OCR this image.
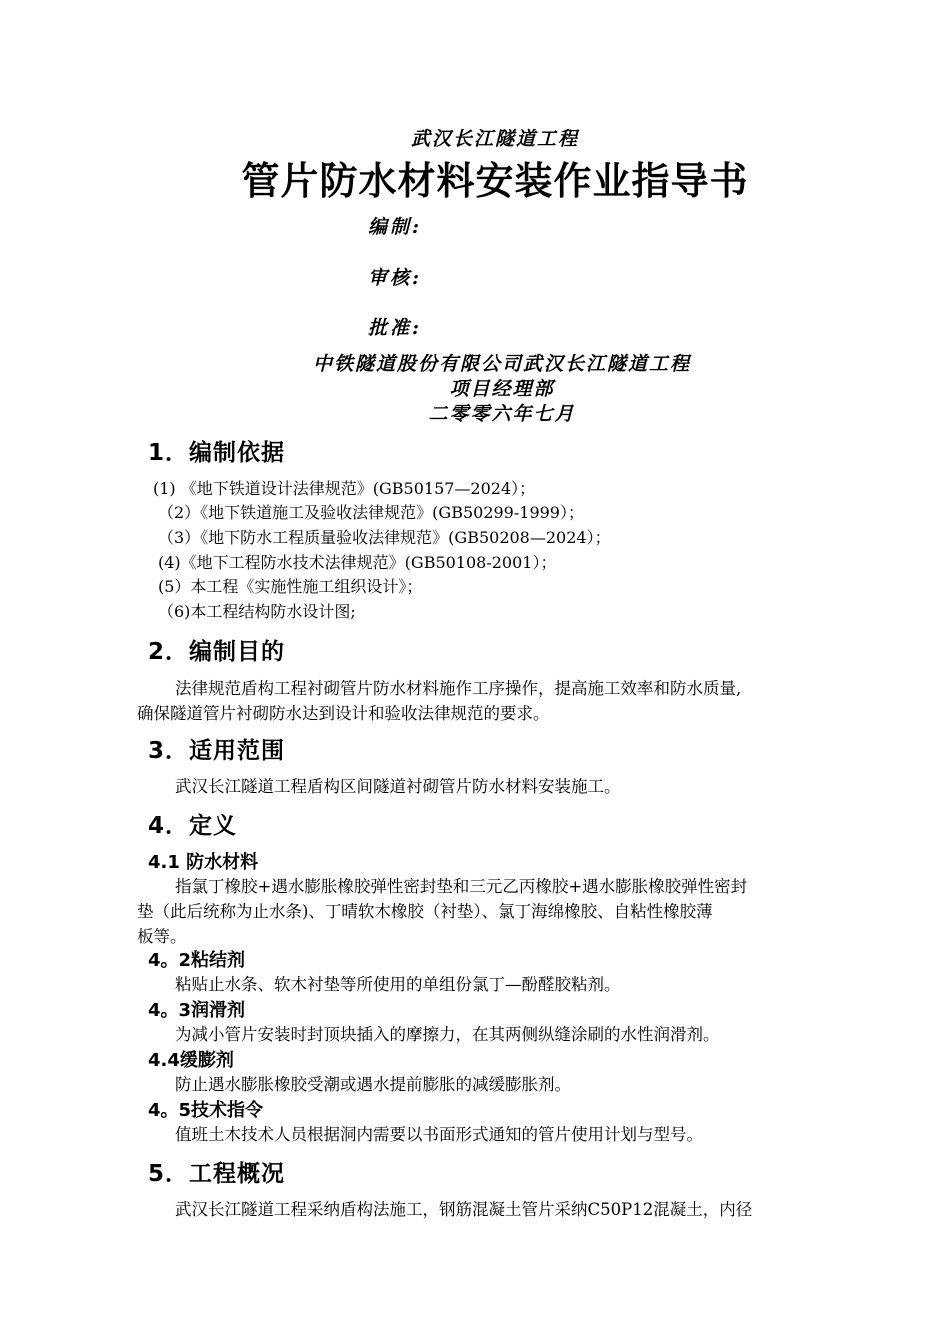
武汉长江隧道工程
管片防水材料安装作业指导书
编制:
审核:
批准:
中铁隧道股份有限公司武汉长江隧道工程
项目经理部
二零零六年七月
1．编制依据
(1) 《地下铁道设计法律规范》(GB50157—2024）；
（2）《地下铁道施工及验收法律规范》(GB50299-1999）；
（3）《地下防水工程质量验收法律规范》(GB50208—2024）；
(4)《地下工程防水技术法律规范》(GB50108-2001）；
(5）本工程《实施性施工组织设计》；
（6)本工程结构防水设计图;
2．编制目的
法律规范盾构工程衬砌管片防水材料施作工序操作，提高施工效率和防水质量,
确保隧道管片衬砌防水达到设计和验收法律规范的要求。
3．适用范围
武汉长江隧道工程盾构区间隧道衬砌管片防水材料安装施工。
4．定义
4.1 防水材料
指氯丁橡胶+遇水膨胀橡胶弹性密封垫和三元乙丙橡胶+遇水膨胀橡胶弹性密封
垫（此后统称为止水条)、丁晴软木橡胶（衬垫）、氯丁海绵橡胶、自粘性橡胶薄
板等。
4。2粘结剂
粘贴止水条、软木衬垫等所使用的单组份氯丁—酚醛胶粘剂。
4。3润滑剂
为减小管片安装时封顶块插入的摩擦力，在其两侧纵缝涂刷的水性润滑剂。
4.4缓膨剂
防止遇水膨胀橡胶受潮或遇水提前膨胀的减缓膨胀剂。
4。5技术指令
值班土木技术人员根据洞内需要以书面形式通知的管片使用计划与型号。
5．工程概况
武汉长江隧道工程采纳盾构法施工，钢筋混凝土管片采纳C50P12混凝土，内径
